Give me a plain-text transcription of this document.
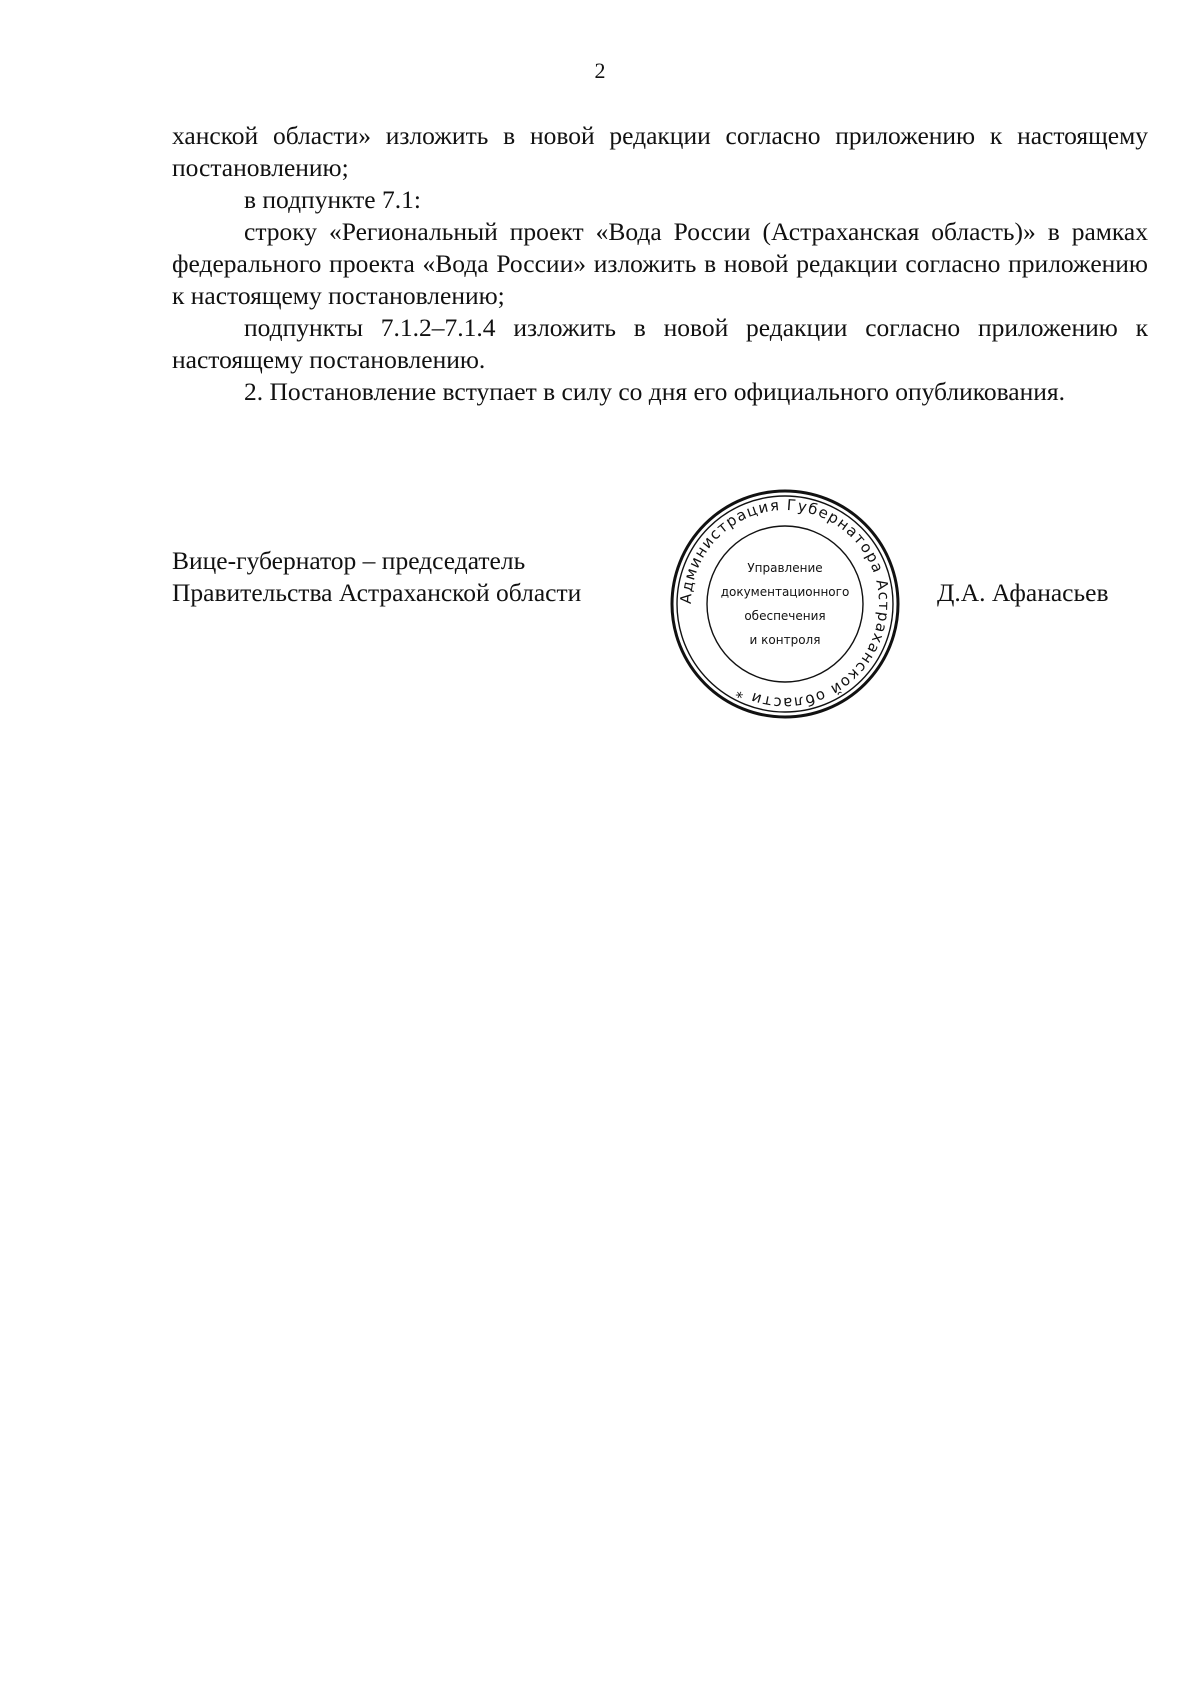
2

ханской области» изложить в новой редакции согласно приложению к настоящему постановлению;

в подпункте 7.1:

строку «Региональный проект «Вода России (Астраханская область)» в рамках федерального проекта «Вода России» изложить в новой редакции согласно приложению к настоящему постановлению;

подпункты 7.1.2–7.1.4 изложить в новой редакции согласно приложению к настоящему постановлению.

2. Постановление вступает в силу со дня его официального опубликования.

Вице-губернатор – председатель
Правительства Астраханской области	Администрация Губернатора Астраханской области *
Управление
документационного
обеспечения
и контроля
Д.А. Афанасьев
